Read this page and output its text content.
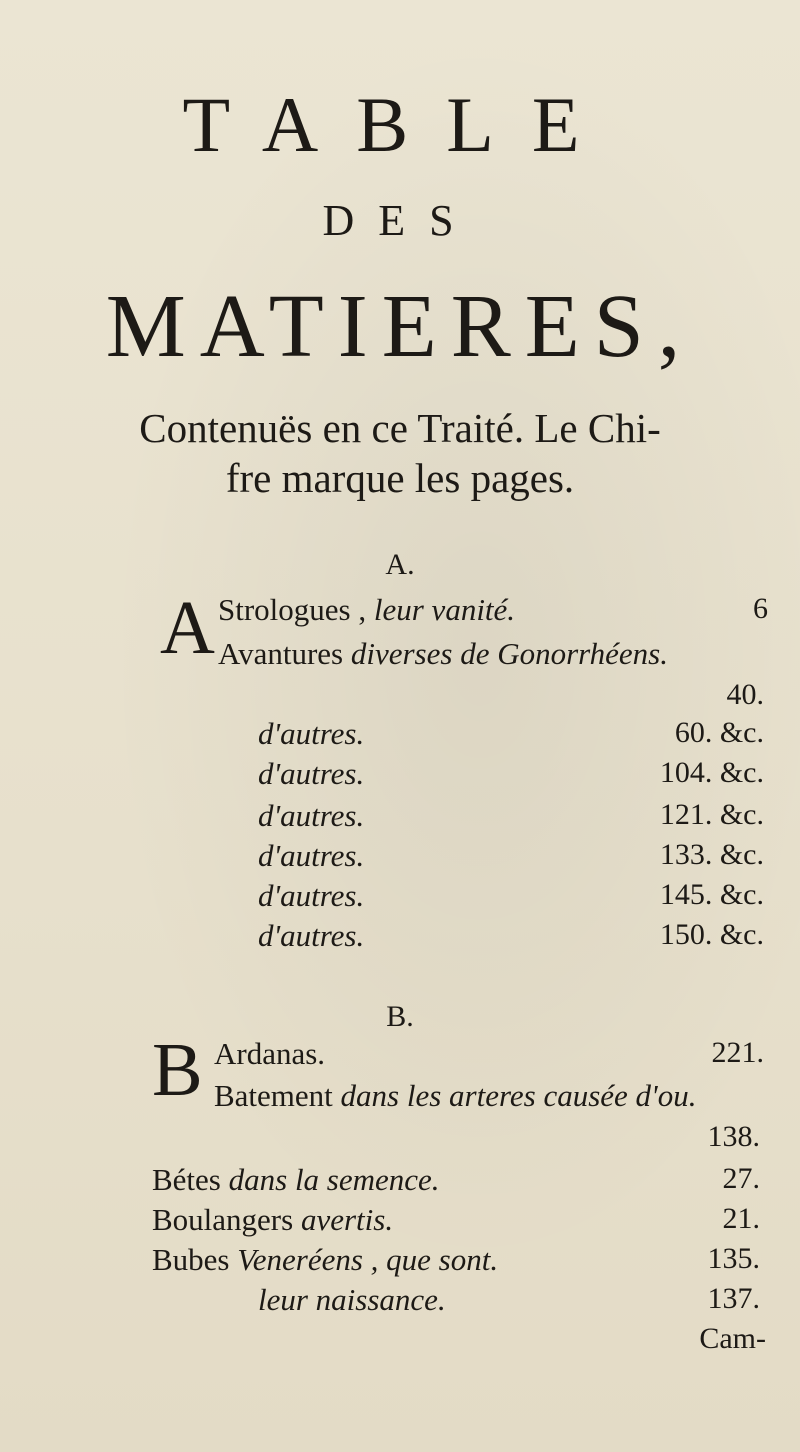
TABLE
DES
MATIERES,
Contenuës en ce Traité. Le Chi-
fre marque les pages.
A.
A Strologues , leur vanité.	6
Avantures diverses de Gonorrhéens.
40.
d'autres.	60. &c.
d'autres.	104. &c.
d'autres.	121. &c.
d'autres.	133. &c.
d'autres.	145. &c.
d'autres.	150. &c.
B.
B Ardanas.	221.
Batement dans les arteres causée d'ou.
138.
Bétes dans la semence.	27.
Boulangers avertis.	21.
Bubes Veneréens , que sont.	135.
leur naissance.	137.
Cam-
